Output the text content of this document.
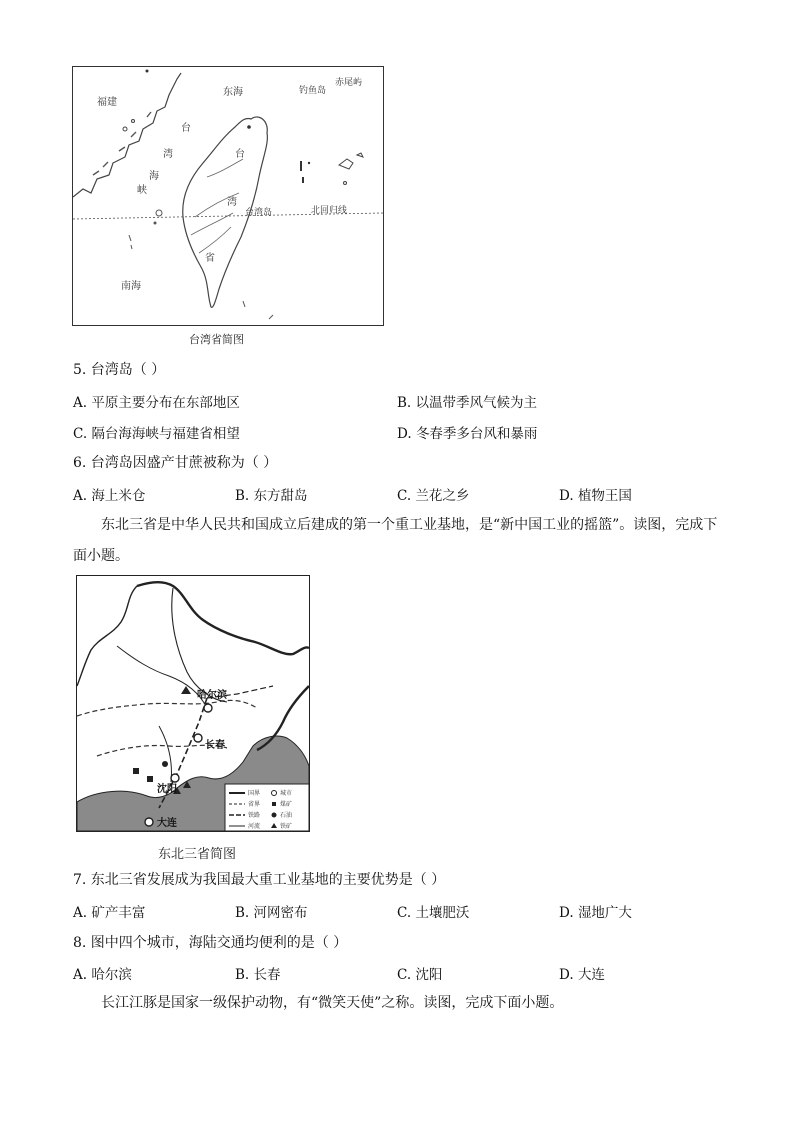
福建
东海	钓鱼岛
赤尾屿
台
湾
海
峡
台
湾
省
台湾岛	北回归线
南海
台湾省简图
5. 台湾岛（ ）
A. 平原主要分布在东部地区	B. 以温带季风气候为主
C. 隔台海海峡与福建省相望	D. 冬春季多台风和暴雨
6. 台湾岛因盛产甘蔗被称为（ ）
A. 海上米仓	B. 东方甜岛	C. 兰花之乡	D. 植物王国
东北三省是中华人民共和国成立后建成的第一个重工业基地，是“新中国工业的摇篮”。读图，完成下面小题。
哈尔滨
长春
沈阳
大连
国界	城市
省界	煤矿
铁路	石油
河流	铁矿
东北三省简图
7. 东北三省发展成为我国最大重工业基地的主要优势是（ ）
A. 矿产丰富	B. 河网密布	C. 土壤肥沃	D. 湿地广大
8. 图中四个城市，海陆交通均便利的是（ ）
A. 哈尔滨	B. 长春	C. 沈阳	D. 大连
长江江豚是国家一级保护动物，有“微笑天使”之称。读图，完成下面小题。
